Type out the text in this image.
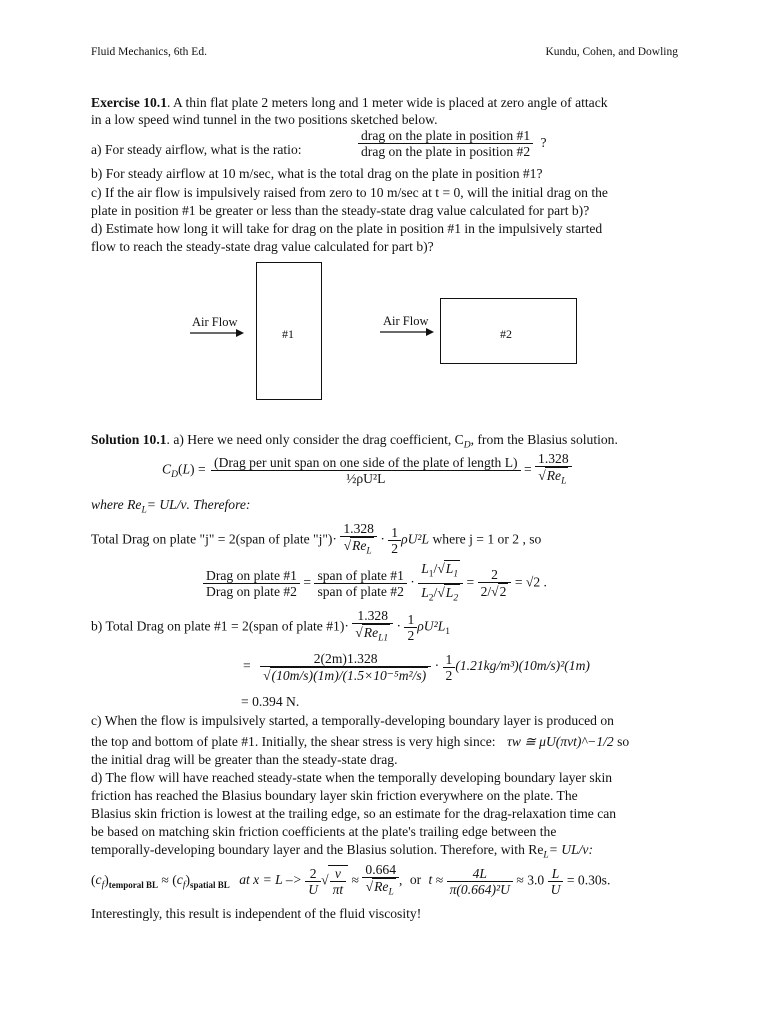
Fluid Mechanics, 6th Ed.	Kundu, Cohen, and Dowling
Exercise 10.1. A thin flat plate 2 meters long and 1 meter wide is placed at zero angle of attack
in a low speed wind tunnel in the two positions sketched below.
a) For steady airflow, what is the ratio:	$\frac{\text{drag on the plate in position \#1}}{\text{drag on the plate in position \#2}}$ ?
b) For steady airflow at 10 m/sec, what is the total drag on the plate in position #1?
c) If the air flow is impulsively raised from zero to 10 m/sec at t = 0, will the initial drag on the
plate in position #1 be greater or less than the steady-state drag value calculated for part b)?
d) Estimate how long it will take for drag on the plate in position #1 in the impulsively started
flow to reach the steady-state drag value calculated for part b)?
Air Flow
#1
Air Flow
#2
Solution 10.1. a) Here we need only consider the drag coefficient, $C_D$, from the Blasius solution.
$C_D(L) = \frac{\text{(Drag per unit span on one side of the plate of length L)}}{\text{½ρU²L}} = \frac{1.328}{√Re_L}$
where $Re_L= UL/\nu$. Therefore:
Total Drag on plate "j" = 2(span of plate "j")· $\frac{1.328}{√Re_L} \cdot \frac{1}{2} \rho U^2L$ where j = 1 or 2 , so
$\frac{\text{Drag on plate \#1}}{\text{Drag on plate \#2}} = \frac{\text{span of plate \#1}}{\text{span of plate \#2}} \cdot \frac{L_1/√L_1}{L_2/√L_2} = \frac{2}{2/√2} = √2$ .
b) Total Drag on plate #1 = 2(span of plate #1)· $\frac{1.328}{√Re_{L1}} \cdot \frac{1}{2} \rho U^2L_1$
= $\frac{2(2m)1.328}{\text{√(10m/s)(1m)/(1.5×10⁻⁵m²/s)}} \cdot \frac{1}{2} (1.21kg/m^3)(10m/s)^2(1m)$
= 0.394 N.
c) When the flow is impulsively started, a temporally-developing boundary layer is produced on
the top and bottom of plate #1. Initially, the shear stress is very high since: τw ≅ μU(πνt)^−1/2 so
the initial drag will be greater than the steady-state drag.
d) The flow will have reached steady-state when the temporally developing boundary layer skin
friction has reached the Blasius boundary layer skin friction everywhere on the plate. The
Blasius skin friction is lowest at the trailing edge, so an estimate for the drag-relaxation time can
be based on matching skin friction coefficients at the plate's trailing edge between the
temporally-developing boundary layer and the Blasius solution. Therefore, with $Re_L= UL/\nu$:
$(c_f)_{temporal BL} \approx (c_f)_{spatial BL}$ at $x = L -> \frac{2}{U}$ √ $\frac{\nu}{\pi t} \approx \frac{0.664}{√Re_L}$ , or $t \approx \frac{4L}{\text{π(0.664)²U}} \approx 3.0 \frac{L}{U} = 0.30s$.
Interestingly, this result is independent of the fluid viscosity!
